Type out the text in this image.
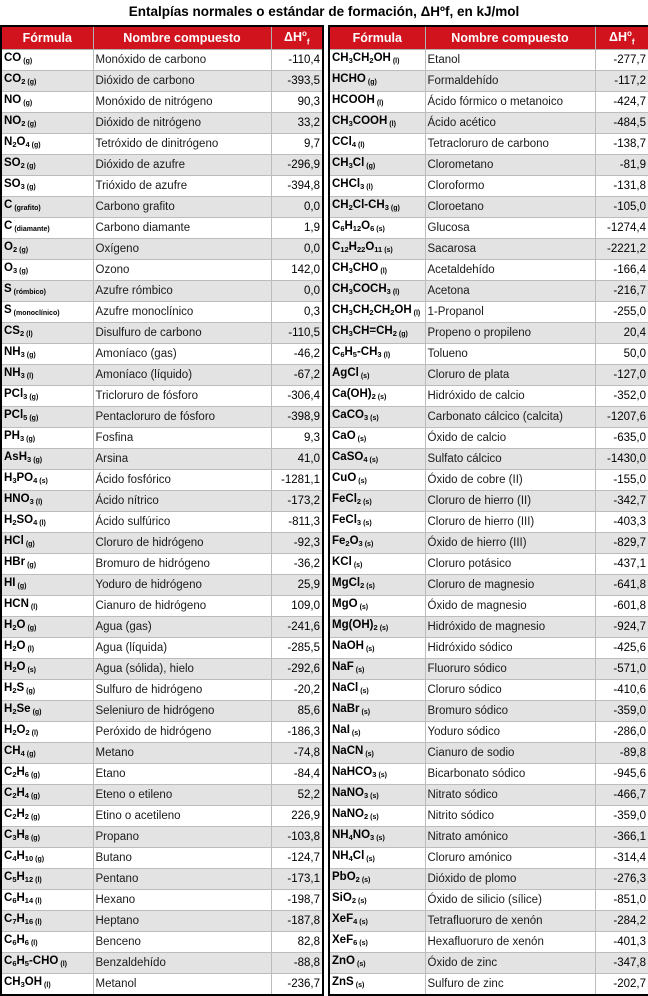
Entalpías normales o estándar de formación, ΔHºf, en kJ/mol
Fórmula	Nombre compuesto	$\Delta H^o_f$
CO (g)	Monóxido de carbono	-110,4
$CO_2$ (g)	Dióxido de carbono	-393,5
NO (g)	Monóxido de nitrógeno	90,3
$NO_2$ (g)	Dióxido de nitrógeno	33,2
$N_2O_4$ (g)	Tetróxido de dinitrógeno	9,7
$SO_2$ (g)	Dióxido de azufre	-296,9
$SO_3$ (g)	Trióxido de azufre	-394,8
C (grafito)	Carbono grafito	0,0
C (diamante)	Carbono diamante	1,9
$O_2$ (g)	Oxígeno	0,0
$O_3$ (g)	Ozono	142,0
S (rómbico)	Azufre rómbico	0,0
S (monoclínico)	Azufre monoclínico	0,3
$CS_2$ (l)	Disulfuro de carbono	-110,5
$NH_3$ (g)	Amoníaco (gas)	-46,2
$NH_3$ (l)	Amoníaco (líquido)	-67,2
PCl$_3$ (g)	Tricloruro de fósforo	-306,4
PCl$_5$ (g)	Pentacloruro de fósforo	-398,9
$PH_3$ (g)	Fosfina	9,3
AsH$_3$ (g)	Arsina	41,0
$H_3PO_4$ (s)	Ácido fosfórico	-1281,1
$HNO_3$ (l)	Ácido nítrico	-173,2
$H_2SO_4$ (l)	Ácido sulfúrico	-811,3
HCl (g)	Cloruro de hidrógeno	-92,3
HBr (g)	Bromuro de hidrógeno	-36,2
HI (g)	Yoduro de hidrógeno	25,9
HCN (l)	Cianuro de hidrógeno	109,0
$H_2O$ (g)	Agua (gas)	-241,6
$H_2O$ (l)	Agua (líquida)	-285,5
$H_2O$ (s)	Agua (sólida), hielo	-292,6
$H_2S$ (g)	Sulfuro de hidrógeno	-20,2
$H_2Se$ (g)	Seleniuro de hidrógeno	85,6
$H_2O_2$ (l)	Peróxido de hidrógeno	-186,3
$CH_4$ (g)	Metano	-74,8
$C_2H_6$ (g)	Etano	-84,4
$C_2H_4$ (g)	Eteno o etileno	52,2
$C_2H_2$ (g)	Etino o acetileno	226,9
$C_3H_8$ (g)	Propano	-103,8
$C_4H_{10}$ (g)	Butano	-124,7
$C_5H_{12}$ (l)	Pentano	-173,1
$C_6H_{14}$ (l)	Hexano	-198,7
$C_7H_{16}$ (l)	Heptano	-187,8
$C_6H_6$ (l)	Benceno	82,8
$C_6H_5$-CHO (l)	Benzaldehído	-88,8
$CH_3OH$ (l)	Metanol	-236,7
Fórmula	Nombre compuesto	$\Delta H^o_f$
$CH_3CH_2OH$ (l)	Etanol	-277,7
HCHO (g)	Formaldehído	-117,2
HCOOH (l)	Ácido fórmico o metanoico	-424,7
$CH_3COOH$ (l)	Ácido acético	-484,5
CCl$_4$ (l)	Tetracloruro de carbono	-138,7
$CH_3Cl$ (g)	Clorometano	-81,9
CHCl$_3$ (l)	Cloroformo	-131,8
$CH_2Cl-CH_3$ (g)	Cloroetano	-105,0
$C_6H_{12}O_6$ (s)	Glucosa	-1274,4
$C_{12}H_{22}O_{11}$ (s)	Sacarosa	-2221,2
$CH_3CHO$ (l)	Acetaldehído	-166,4
$CH_3COCH_3$ (l)	Acetona	-216,7
$CH_3CH_2CH_2OH$ (l)	1-Propanol	-255,0
$CH_3CH=CH_2$ (g)	Propeno o propileno	20,4
$C_6H_5-CH_3$ (l)	Tolueno	50,0
AgCl (s)	Cloruro de plata	-127,0
$Ca(OH)_2$ (s)	Hidróxido de calcio	-352,0
CaCO$_3$ (s)	Carbonato cálcico (calcita)	-1207,6
CaO (s)	Óxido de calcio	-635,0
CaSO$_4$ (s)	Sulfato cálcico	-1430,0
CuO (s)	Óxido de cobre (II)	-155,0
FeCl$_2$ (s)	Cloruro de hierro (II)	-342,7
FeCl$_3$ (s)	Cloruro de hierro (III)	-403,3
$Fe_2O_3$ (s)	Óxido de hierro (III)	-829,7
KCl (s)	Cloruro potásico	-437,1
MgCl$_2$ (s)	Cloruro de magnesio	-641,8
MgO (s)	Óxido de magnesio	-601,8
$Mg(OH)_2$ (s)	Hidróxido de magnesio	-924,7
NaOH (s)	Hidróxido sódico	-425,6
NaF (s)	Fluoruro sódico	-571,0
NaCl (s)	Cloruro sódico	-410,6
NaBr (s)	Bromuro sódico	-359,0
NaI (s)	Yoduro sódico	-286,0
NaCN (s)	Cianuro de sodio	-89,8
NaHCO$_3$ (s)	Bicarbonato sódico	-945,6
NaNO$_3$ (s)	Nitrato sódico	-466,7
NaNO$_2$ (s)	Nitrito sódico	-359,0
$NH_4NO_3$ (s)	Nitrato amónico	-366,1
$NH_4Cl$ (s)	Cloruro amónico	-314,4
PbO$_2$ (s)	Dióxido de plomo	-276,3
SiO$_2$ (s)	Óxido de silicio (sílice)	-851,0
XeF$_4$ (s)	Tetrafluoruro de xenón	-284,2
XeF$_6$ (s)	Hexafluoruro de xenón	-401,3
ZnO (s)	Óxido de zinc	-347,8
ZnS (s)	Sulfuro de zinc	-202,7
